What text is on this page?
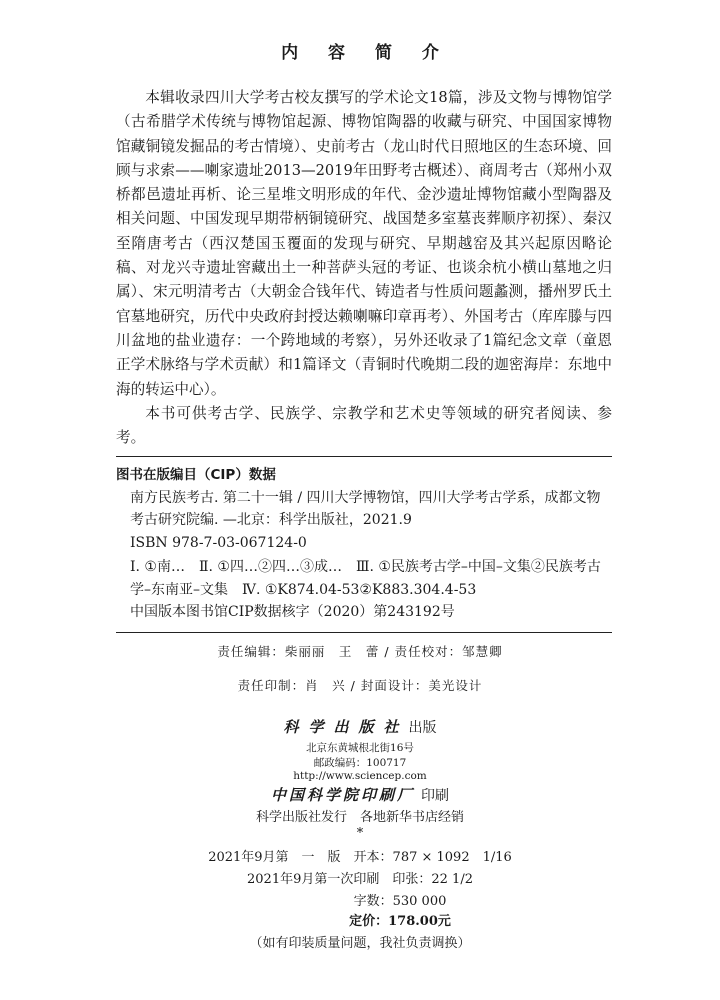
内 容 简 介

本辑收录四川大学考古校友撰写的学术论文18篇，涉及文物与博物馆学（古希腊学术传统与博物馆起源、博物馆陶器的收藏与研究、中国国家博物馆藏铜镜发掘品的考古情境）、史前考古（龙山时代日照地区的生态环境、回顾与求索——喇家遗址2013—2019年田野考古概述）、商周考古（郑州小双桥都邑遗址再析、论三星堆文明形成的年代、金沙遗址博物馆藏小型陶器及相关问题、中国发现早期带柄铜镜研究、战国楚多室墓丧葬顺序初探）、秦汉至隋唐考古（西汉楚国玉覆面的发现与研究、早期越窑及其兴起原因略论稿、对龙兴寺遗址窖藏出土一种菩萨头冠的考证、也谈余杭小横山墓地之归属）、宋元明清考古（大朝金合钱年代、铸造者与性质问题蠡测，播州罗氏土官墓地研究，历代中央政府封授达赖喇嘛印章再考）、外国考古（库库滕与四川盆地的盐业遗存：一个跨地域的考察），另外还收录了1篇纪念文章（童恩正学术脉络与学术贡献）和1篇译文（青铜时代晚期二段的迦密海岸：东地中海的转运中心）。

本书可供考古学、民族学、宗教学和艺术史等领域的研究者阅读、参考。

图书在版编目（CIP）数据
南方民族考古. 第二十一辑 / 四川大学博物馆，四川大学考古学系，成都文物考古研究院编. —北京：科学出版社，2021.9
ISBN 978-7-03-067124-0
Ⅰ. ①南…　Ⅱ. ①四…②四…③成…　Ⅲ. ①民族考古学–中国–文集②民族考古学–东南亚–文集　Ⅳ. ①K874.04-53②K883.304.4-53
中国版本图书馆CIP数据核字（2020）第243192号
责任编辑：柴丽丽　王　蕾 / 责任校对：邹慧卿
责任印制：肖　兴 / 封面设计：美光设计
科学出版社出版
北京东黄城根北街16号
邮政编码：100717
http://www.sciencep.com
中国科学院印刷厂 印刷
科学出版社发行　各地新华书店经销
*
2021年9月第　一　版　开本：787 × 1092　1/16
2021年9月第一次印刷　印张：22 1/2
字数：530 000
定价：178.00元
（如有印装质量问题，我社负责调换）
